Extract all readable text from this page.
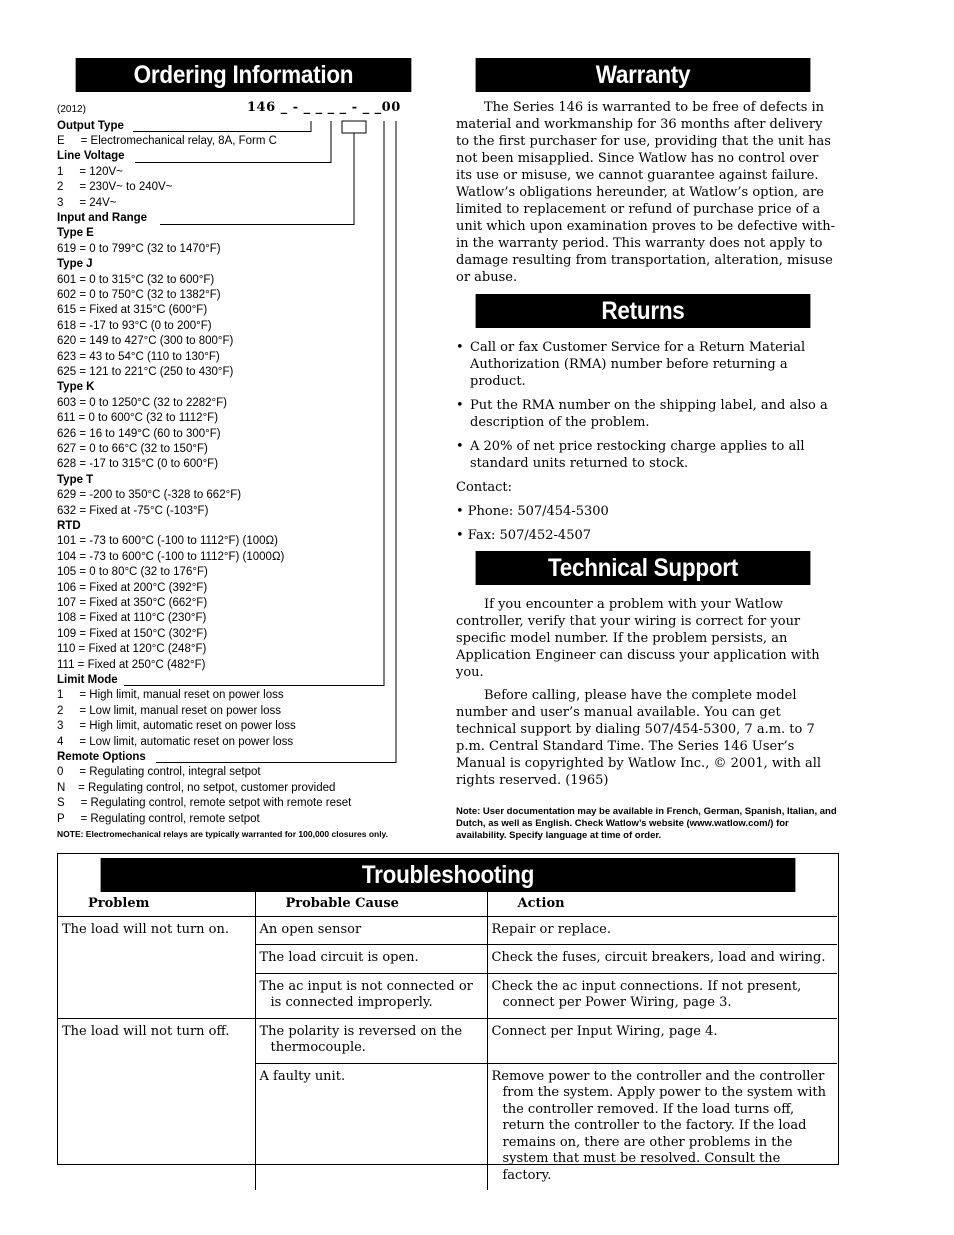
Ordering Information	Warranty
Returns
Technical Support
(2012)	146 _ - _ _ _ _ - _ _00
Output Type
E     = Electromechanical relay, 8A, Form C
Line Voltage
1     = 120V~
2     = 230V~ to 240V~
3     = 24V~
Input and Range
Type E
619 = 0 to 799°C (32 to 1470°F)
Type J
601 = 0 to 315°C (32 to 600°F)
602 = 0 to 750°C (32 to 1382°F)
615 = Fixed at 315°C (600°F)
618 = -17 to 93°C (0 to 200°F)
620 = 149 to 427°C (300 to 800°F)
623 = 43 to 54°C (110 to 130°F)
625 = 121 to 221°C (250 to 430°F)
Type K
603 = 0 to 1250°C (32 to 2282°F)
611 = 0 to 600°C (32 to 1112°F)
626 = 16 to 149°C (60 to 300°F)
627 = 0 to 66°C (32 to 150°F)
628 = -17 to 315°C (0 to 600°F)
Type T
629 = -200 to 350°C (-328 to 662°F)
632 = Fixed at -75°C (-103°F)
RTD
101 = -73 to 600°C (-100 to 1112°F) (100Ω)
104 = -73 to 600°C (-100 to 1112°F) (1000Ω)
105 = 0 to 80°C (32 to 176°F)
106 = Fixed at 200°C (392°F)
107 = Fixed at 350°C (662°F)
108 = Fixed at 110°C (230°F)
109 = Fixed at 150°C (302°F)
110 = Fixed at 120°C (248°F)
111 = Fixed at 250°C (482°F)
Limit Mode
1     = High limit, manual reset on power loss
2     = Low limit, manual reset on power loss
3     = High limit, automatic reset on power loss
4     = Low limit, automatic reset on power loss
Remote Options
0     = Regulating control, integral setpot
N    = Regulating control, no setpot, customer provided
S     = Regulating control, remote setpot with remote reset
P     = Regulating control, remote setpot
NOTE: Electromechanical relays are typically warranted for 100,000 closures only.
The Series 146 is warranted to be free of defects in material and workmanship for 36 months after delivery to the first purchaser for use, providing that the unit has not been misapplied. Since Watlow has no control over its use or misuse, we cannot guarantee against failure. Watlow’s obligations hereunder, at Watlow’s option, are limited to replacement or refund of purchase price of a unit which upon examination proves to be defective with-in the warranty period. This warranty does not apply to damage resulting from transportation, alteration, misuse or abuse.
• Call or fax Customer Service for a Return Material Authorization (RMA) number before returning a product.
• Put the RMA number on the shipping label, and also a description of the problem.
• A 20% of net price restocking charge applies to all standard units returned to stock.
Contact:
• Phone: 507/454-5300
• Fax: 507/452-4507
If you encounter a problem with your Watlow controller, verify that your wiring is correct for your specific model number. If the problem persists, an Application Engineer can discuss your application with you.
Before calling, please have the complete model number and user’s manual available. You can get technical support by dialing 507/454-5300, 7 a.m. to 7 p.m. Central Standard Time. The Series 146 User’s Manual is copyrighted by Watlow Inc., © 2001, with all rights reserved. (1965)
Note: User documentation may be available in French, German, Spanish, Italian, and Dutch, as well as English. Check Watlow’s website (www.watlow.com/) for availability. Specify language at time of order.
Troubleshooting
Problem	Probable Cause	Action
The load will not turn on.	An open sensor	Repair or replace.
	The load circuit is open.	Check the fuses, circuit breakers, load and wiring.
	The ac input is not connected or is connected improperly.	Check the ac input connections. If not present, connect per Power Wiring, page 3.
The load will not turn off.	The polarity is reversed on the thermocouple.	Connect per Input Wiring, page 4.
	A faulty unit.	Remove power to the controller and the controller from the system. Apply power to the system with the controller removed. If the load turns off, return the controller to the factory. If the load remains on, there are other problems in the system that must be resolved. Consult the factory.
